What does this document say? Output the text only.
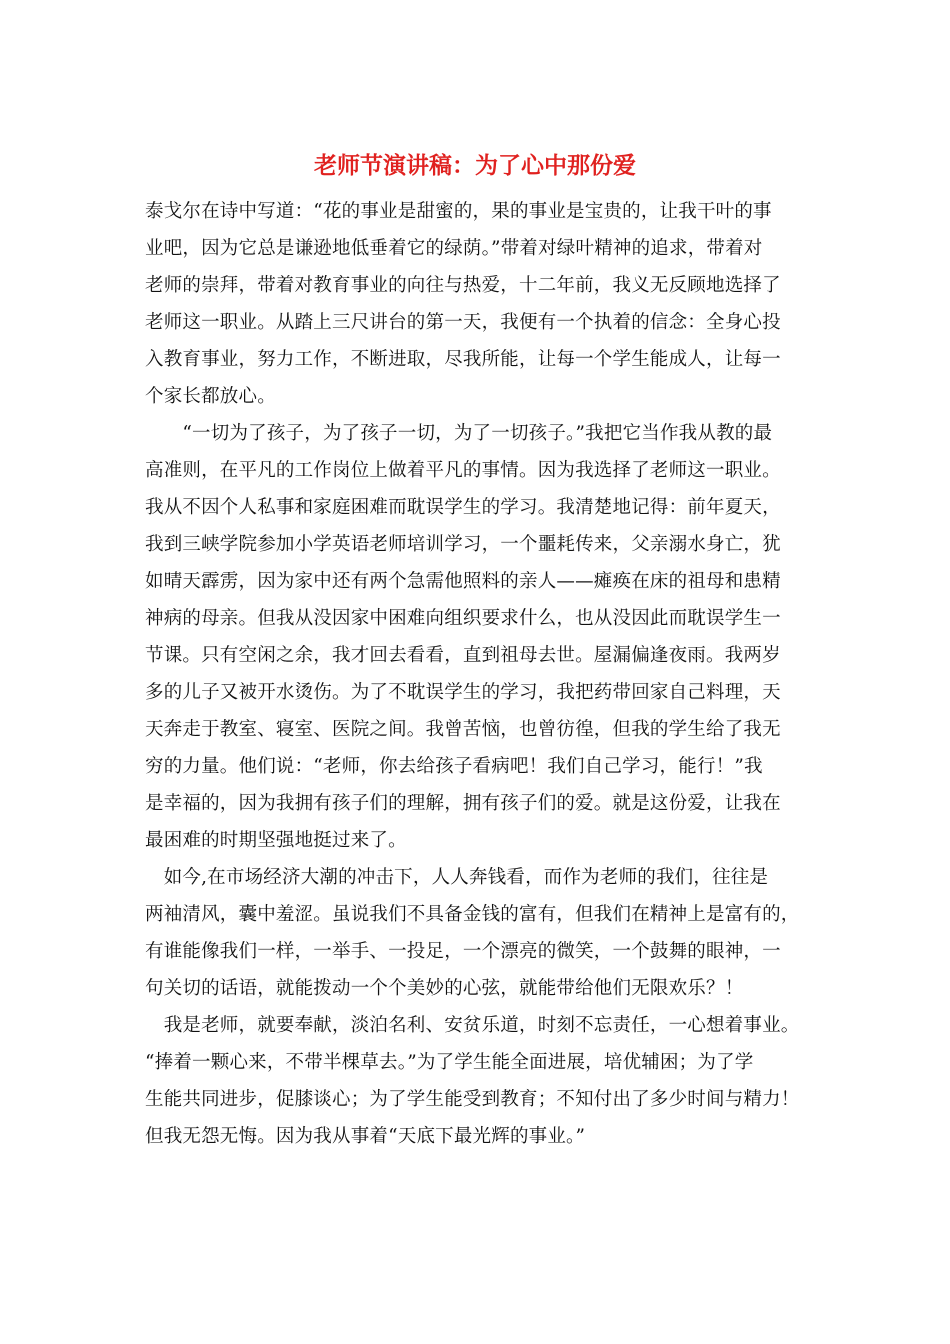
老师节演讲稿：为了心中那份爱
泰戈尔在诗中写道：“花的事业是甜蜜的，果的事业是宝贵的，让我干叶的事
业吧，因为它总是谦逊地低垂着它的绿荫。”带着对绿叶精神的追求，带着对
老师的崇拜，带着对教育事业的向往与热爱，十二年前，我义无反顾地选择了
老师这一职业。从踏上三尺讲台的第一天，我便有一个执着的信念：全身心投
入教育事业，努力工作，不断进取，尽我所能，让每一个学生能成人，让每一
个家长都放心。
　　“一切为了孩子，为了孩子一切，为了一切孩子。”我把它当作我从教的最
高准则，在平凡的工作岗位上做着平凡的事情。因为我选择了老师这一职业。
我从不因个人私事和家庭困难而耽误学生的学习。我清楚地记得：前年夏天，
我到三峡学院参加小学英语老师培训学习，一个噩耗传来，父亲溺水身亡，犹
如晴天霹雳，因为家中还有两个急需他照料的亲人——瘫痪在床的祖母和患精
神病的母亲。但我从没因家中困难向组织要求什么，也从没因此而耽误学生一
节课。只有空闲之余，我才回去看看，直到祖母去世。屋漏偏逢夜雨。我两岁
多的儿子又被开水烫伤。为了不耽误学生的学习，我把药带回家自己料理，天
天奔走于教室、寝室、医院之间。我曾苦恼，也曾彷徨，但我的学生给了我无
穷的力量。他们说：“老师，你去给孩子看病吧！我们自己学习，能行！”我
是幸福的，因为我拥有孩子们的理解，拥有孩子们的爱。就是这份爱，让我在
最困难的时期坚强地挺过来了。
　如今,在市场经济大潮的冲击下，人人奔钱看，而作为老师的我们，往往是
两袖清风，囊中羞涩。虽说我们不具备金钱的富有，但我们在精神上是富有的，
有谁能像我们一样，一举手、一投足，一个漂亮的微笑，一个鼓舞的眼神，一
句关切的话语，就能拨动一个个美妙的心弦，就能带给他们无限欢乐？！
　我是老师，就要奉献，淡泊名利、安贫乐道，时刻不忘责任，一心想着事业。
“捧着一颗心来，不带半棵草去。”为了学生能全面进展，培优辅困；为了学
生能共同进步，促膝谈心；为了学生能受到教育；不知付出了多少时间与精力！
但我无怨无悔。因为我从事着“天底下最光辉的事业。”
